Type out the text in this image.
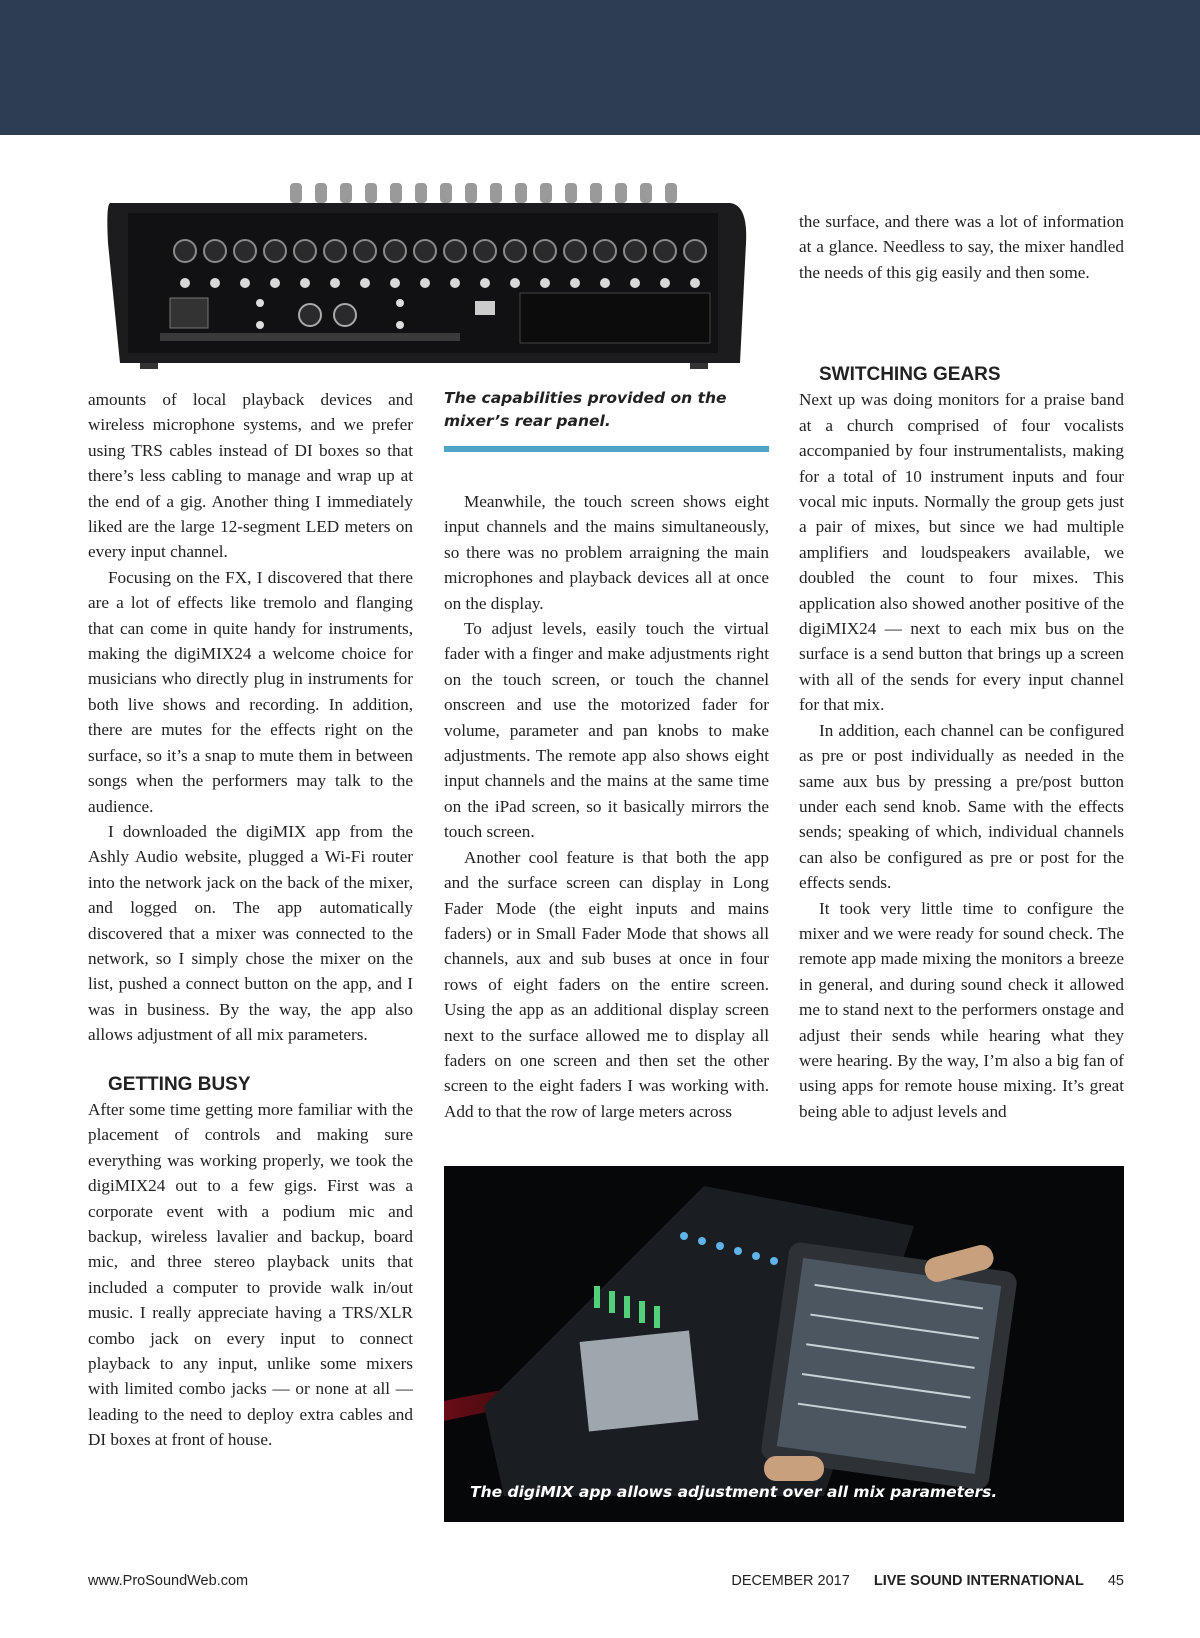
amounts of local playback devices and wireless microphone systems, and we prefer using TRS cables instead of DI boxes so that there’s less cabling to manage and wrap up at the end of a gig. Another thing I immediately liked are the large 12-segment LED meters on every input channel.

Focusing on the FX, I discovered that there are a lot of effects like tremolo and flanging that can come in quite handy for instruments, making the digiMIX24 a welcome choice for musicians who directly plug in instruments for both live shows and recording. In addition, there are mutes for the effects right on the surface, so it’s a snap to mute them in between songs when the performers may talk to the audience.

I downloaded the digiMIX app from the Ashly Audio website, plugged a Wi-Fi router into the network jack on the back of the mixer, and logged on. The app automatically discovered that a mixer was connected to the network, so I simply chose the mixer on the list, pushed a connect button on the app, and I was in business. By the way, the app also allows adjustment of all mix parameters.

GETTING BUSY

After some time getting more familiar with the placement of controls and making sure everything was working properly, we took the digiMIX24 out to a few gigs. First was a corporate event with a podium mic and backup, wireless lavalier and backup, board mic, and three stereo playback units that included a computer to provide walk in/out music. I really appreciate having a TRS/XLR combo jack on every input to connect playback to any input, unlike some mixers with limited combo jacks — or none at all — leading to the need to deploy extra cables and DI boxes at front of house.

The capabilities provided on the mixer’s rear panel.

Meanwhile, the touch screen shows eight input channels and the mains simultaneously, so there was no problem arraigning the main microphones and playback devices all at once on the display.

To adjust levels, easily touch the virtual fader with a finger and make adjustments right on the touch screen, or touch the channel onscreen and use the motorized fader for volume, parameter and pan knobs to make adjustments. The remote app also shows eight input channels and the mains at the same time on the iPad screen, so it basically mirrors the touch screen.

Another cool feature is that both the app and the surface screen can display in Long Fader Mode (the eight inputs and mains faders) or in Small Fader Mode that shows all channels, aux and sub buses at once in four rows of eight faders on the entire screen. Using the app as an additional display screen next to the surface allowed me to display all faders on one screen and then set the other screen to the eight faders I was working with. Add to that the row of large meters across

the surface, and there was a lot of information at a glance. Needless to say, the mixer handled the needs of this gig easily and then some.

SWITCHING GEARS

Next up was doing monitors for a praise band at a church comprised of four vocalists accompanied by four instrumentalists, making for a total of 10 instrument inputs and four vocal mic inputs. Normally the group gets just a pair of mixes, but since we had multiple amplifiers and loudspeakers available, we doubled the count to four mixes. This application also showed another positive of the digiMIX24 — next to each mix bus on the surface is a send button that brings up a screen with all of the sends for every input channel for that mix.

In addition, each channel can be configured as pre or post individually as needed in the same aux bus by pressing a pre/post button under each send knob. Same with the effects sends; speaking of which, individual channels can also be configured as pre or post for the effects sends.

It took very little time to configure the mixer and we were ready for sound check. The remote app made mixing the monitors a breeze in general, and during sound check it allowed me to stand next to the performers onstage and adjust their sends while hearing what they were hearing. By the way, I’m also a big fan of using apps for remote house mixing. It’s great being able to adjust levels and

The digiMIX app allows adjustment over all mix parameters.
www.ProSoundWeb.com	DECEMBER 2017 LIVE SOUND INTERNATIONAL 45
